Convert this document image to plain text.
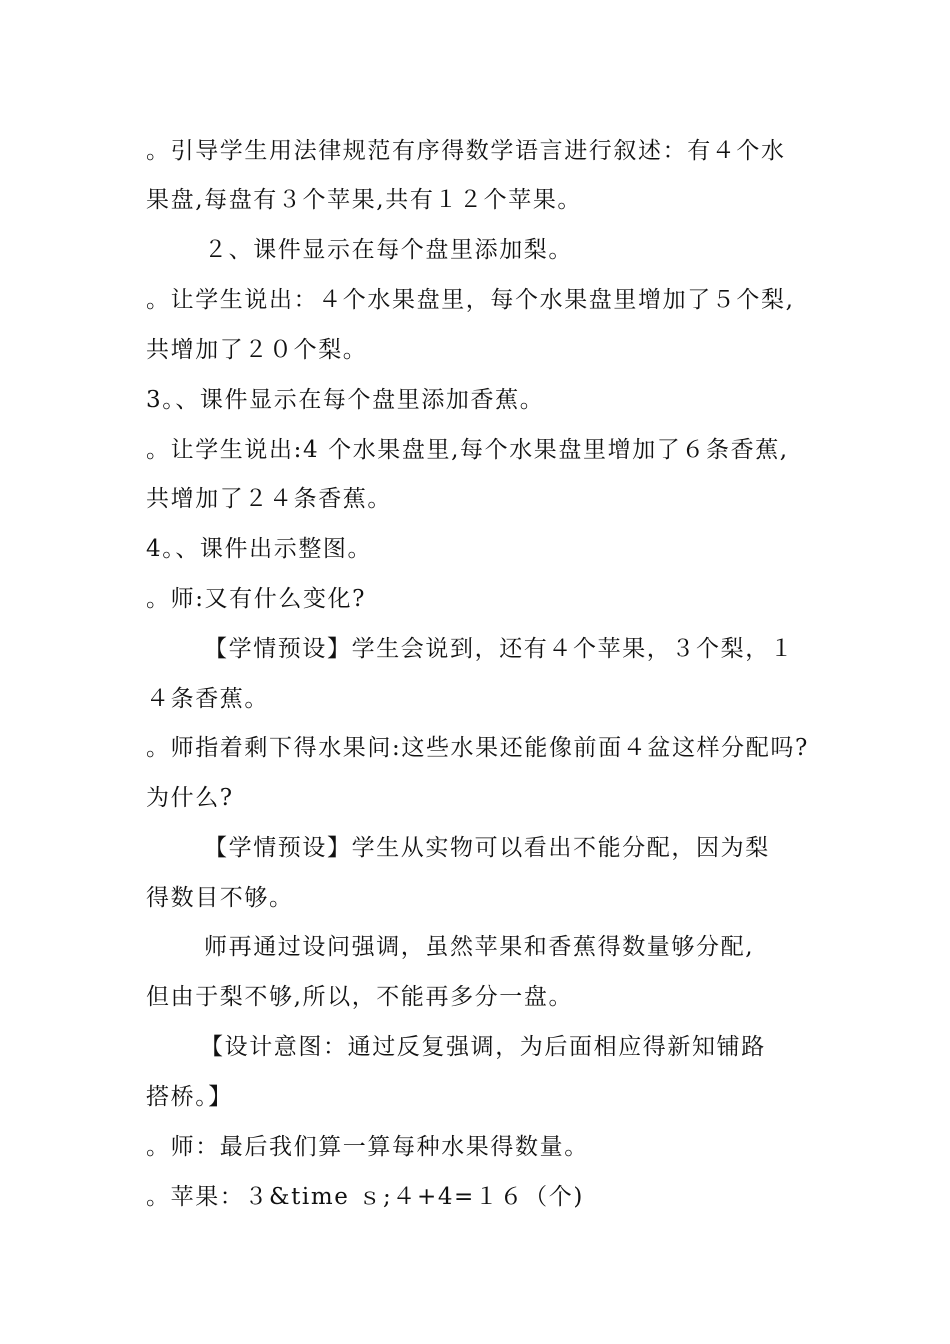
。引导学生用法律规范有序得数学语言进行叙述：有４个水
果盘,每盘有３个苹果,共有１２个苹果。
２、课件显示在每个盘里添加梨。
。让学生说出：４个水果盘里，每个水果盘里增加了５个梨,
共增加了２０个梨。
3。、课件显示在每个盘里添加香蕉。
。让学生说出:4 个水果盘里,每个水果盘里增加了６条香蕉,
共增加了２４条香蕉。
4。、课件出示整图。
。师:又有什么变化?
【学情预设】学生会说到，还有４个苹果，３个梨，１
４条香蕉。
。师指着剩下得水果问:这些水果还能像前面４盆这样分配吗?
为什么?
【学情预设】学生从实物可以看出不能分配，因为梨
得数目不够。
师再通过设问强调，虽然苹果和香蕉得数量够分配,
但由于梨不够,所以，不能再多分一盘。
【设计意图：通过反复强调，为后面相应得新知铺路
搭桥。】
。师：最后我们算一算每种水果得数量。
。苹果：３&time ｓ;４+4=１６（个)
